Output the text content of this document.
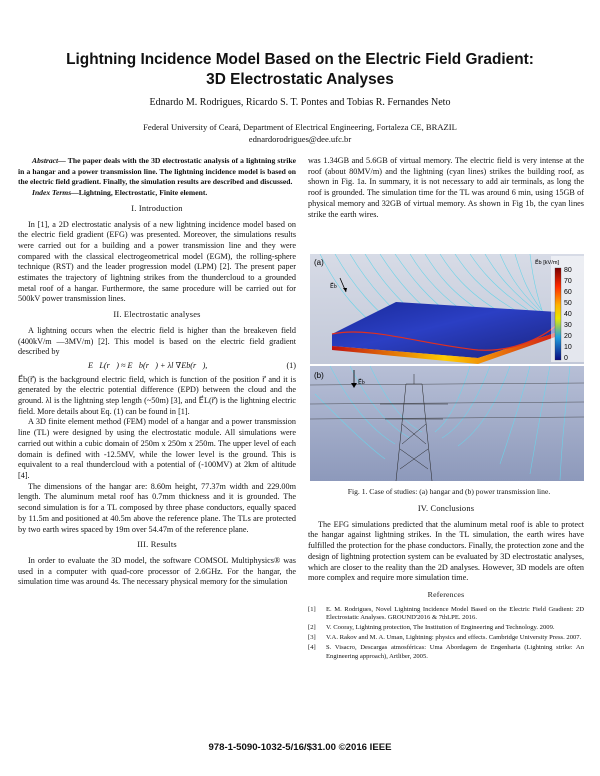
Lightning Incidence Model Based on the Electric Field Gradient:
3D Electrostatic Analyses
Ednardo M. Rodrigues, Ricardo S. T. Pontes and Tobias R. Fernandes Neto
Federal University of Ceará, Department of Electrical Engineering, Fortaleza CE, BRAZIL
ednardorodrigues@dee.ufc.br

Abstract— The paper deals with the 3D electrostatic analysis of a lightning strike in a hangar and a power transmission line. The lightning incidence model is based on the electric field gradient. Finally, the simulation results are described and discussed.

Index Terms—Lightning, Electrostatic, Finite element.

I. Introduction

In [1], a 2D electrostatic analysis of a new lightning incidence model based on the electric field gradient (EFG) was presented. Moreover, the simulations results were carried out for a building and a power transmission line and they were compared with the classical electrogeometrical model (EGM), the rolling-sphere technique (RST) and the leader progression model (LPM) [2]. The present paper estimates the trajectory of lightning strikes from the thundercloud to a grounded metal roof of a hangar. Furthermore, the same procedure will be carried out for 500kV power transmission lines.

II. Electrostatic analyses

A lightning occurs when the electric field is higher than the breakeven field (400kV/m —3MV/m) [2]. This model is based on the electric field gradient described by

E⃗L(r⃗) ≈ E⃗b(r⃗) + λl ∇Eb(r⃗),	(1)

E⃗b(r⃗) is the background electric field, which is function of the position r⃗ and it is generated by the electric potential difference (EPD) between the cloud and the ground. λl is the lightning step length (~50m) [3], and E⃗L(r⃗) is the lightning electric field. More details about Eq. (1) can be found in [1].

A 3D finite element method (FEM) model of a hangar and a power transmission line (TL) were designed by using the electrostatic module. All simulations were carried out within a cubic domain of 250m x 250m x 250m. The upper level of each domain is defined with -12.5MV, while the lower level is the ground. This is equivalent to a real thundercloud with a potential of (-100MV) at 2km of altitude [4].

The dimensions of the hangar are: 8.60m height, 77.37m width and 229.00m length. The aluminum metal roof has 0.7mm thickness and it is grounded. The second simulation is for a TL composed by three phase conductors, equally spaced by 11.5m and positioned at 40.5m above the reference plane. The TLs are protected by two earth wires spaced by 19m over 54.47m of the reference plane.

III. Results

In order to evaluate the 3D model, the software COMSOL Multiphysics® was used in a computer with quad-core processor of 2.6GHz. For the hangar, the simulation time was around 4s. The necessary physical memory for the simulation

was 1.34GB and 5.6GB of virtual memory. The electric field is very intense at the roof (about 80MV/m) and the lightning (cyan lines) strikes the building roof, as shown in Fig. 1a. In summary, it is not necessary to add air terminals, as long the roof is grounded. The simulation time for the TL was around 6 min, using 15GB of physical memory and 32GB of virtual memory. As shown in Fig 1b, the cyan lines strike the earth wires.

(a)
E⃗b
E⃗b [kV/m]
80
70
60
50
40
30
20
10
0
(b)
E⃗b
Fig. 1. Case of studies: (a) hangar and (b) power transmission line.
IV. Conclusions

The EFG simulations predicted that the aluminum metal roof is able to protect the hangar against lightning strikes. In the TL simulation, the earth wires have fulfilled the protection for the phase conductors. Finally, the protection zone and the design of lightning protection system can be evaluated by 3D electrostatic analyses, which are closer to the reality than the 2D analyses. However, 3D models are often more complex and require more simulation time.

References
[1]	E. M. Rodrigues, Novel Lightning Incidence Model Based on the Electric Field Gradient: 2D Electrostatic Analyses. GROUND'2016 & 7thLPE. 2016.
[2]	V. Cooray, Lightning protection, The Institution of Engineering and Technology. 2009.
[3]	V.A. Rakov and M. A. Uman, Lightning: physics and effects. Cambridge University Press. 2007.
[4]	S. Visacro, Descargas atmosféricas: Uma Abordagem de Engenharia (Lightning strike: An Engineering approach), Artliber, 2005.
978-1-5090-1032-5/16/$31.00 ©2016 IEEE
